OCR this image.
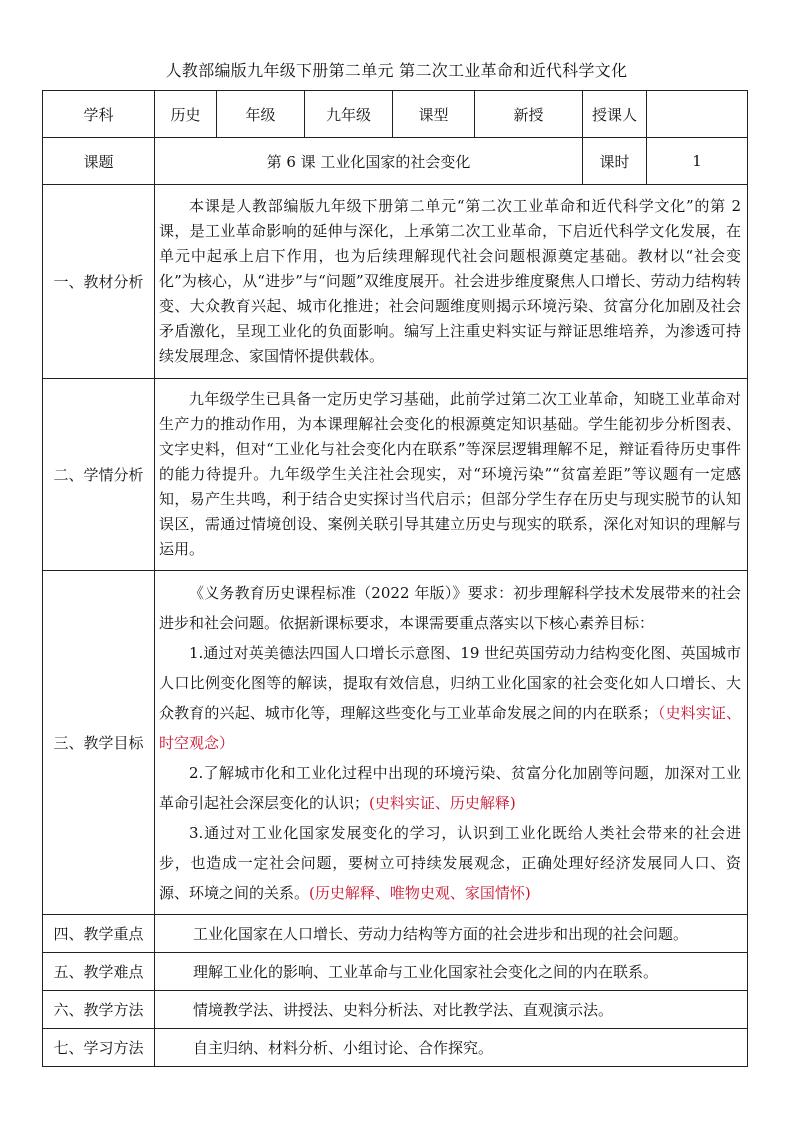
人教部编版九年级下册第二单元 第二次工业革命和近代科学文化
学科	历史	年级	九年级	课型	新授	授课人	
课题	第 6 课 工业化国家的社会变化					课时	1
一、教材分析	本课是人教部编版九年级下册第二单元“第二次工业革命和近代科学文化”的第 2 课，是工业革命影响的延伸与深化，上承第二次工业革命，下启近代科学文化发展，在单元中起承上启下作用，也为后续理解现代社会问题根源奠定基础。教材以“社会变化”为核心，从“进步”与“问题”双维度展开。社会进步维度聚焦人口增长、劳动力结构转变、大众教育兴起、城市化推进；社会问题维度则揭示环境污染、贫富分化加剧及社会矛盾激化，呈现工业化的负面影响。编写上注重史料实证与辩证思维培养，为渗透可持续发展理念、家国情怀提供载体。						

二、学情分析	九年级学生已具备一定历史学习基础，此前学过第二次工业革命，知晓工业革命对生产力的推动作用，为本课理解社会变化的根源奠定知识基础。学生能初步分析图表、文字史料，但对“工业化与社会变化内在联系”等深层逻辑理解不足，辩证看待历史事件的能力待提升。九年级学生关注社会现实，对“环境污染”“贫富差距”等议题有一定感知，易产生共鸣，利于结合史实探讨当代启示；但部分学生存在历史与现实脱节的认知误区，需通过情境创设、案例关联引导其建立历史与现实的联系，深化对知识的理解与运用。						

三、教学目标	《义务教育历史课程标准（2022 年版）》要求：初步理解科学技术发展带来的社会进步和社会问题。依据新课标要求，本课需要重点落实以下核心素养目标：

1.通过对英美德法四国人口增长示意图、19 世纪英国劳动力结构变化图、英国城市人口比例变化图等的解读，提取有效信息，归纳工业化国家的社会变化如人口增长、大众教育的兴起、城市化等，理解这些变化与工业革命发展之间的内在联系；（史料实证、时空观念）

2.了解城市化和工业化过程中出现的环境污染、贫富分化加剧等问题，加深对工业革命引起社会深层变化的认识；(史料实证、历史解释)

3.通过对工业化国家发展变化的学习，认识到工业化既给人类社会带来的社会进步，也造成一定社会问题，要树立可持续发展观念，正确处理好经济发展同人口、资源、环境之间的关系。(历史解释、唯物史观、家国情怀)						

四、教学重点	工业化国家在人口增长、劳动力结构等方面的社会进步和出现的社会问题。						
五、教学难点	理解工业化的影响、工业革命与工业化国家社会变化之间的内在联系。						
六、教学方法	情境教学法、讲授法、史料分析法、对比教学法、直观演示法。						
七、学习方法	自主归纳、材料分析、小组讨论、合作探究。						
